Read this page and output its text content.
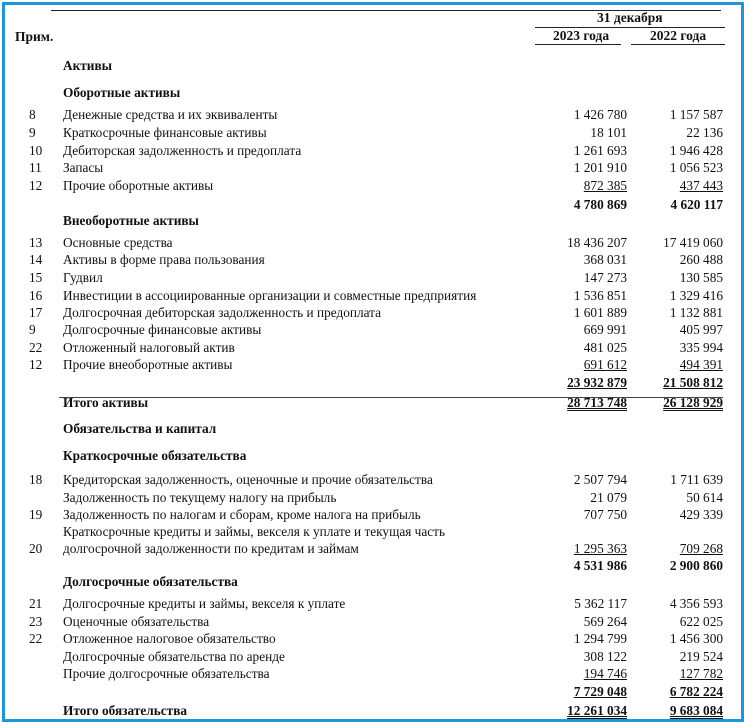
Прим.
31 декабря
2023 года	2022 года
Активы
Оборотные активы
8 Денежные средства и их эквиваленты	1 426 780	1 157 587
9 Краткосрочные финансовые активы	18 101	22 136
10 Дебиторская задолженность и предоплата	1 261 693	1 946 428
11 Запасы	1 201 910	1 056 523
12 Прочие оборотные активы	872 385	437 443
4 780 869	4 620 117
Внеоборотные активы
13 Основные средства	18 436 207	17 419 060
14 Активы в форме права пользования	368 031	260 488
15 Гудвил	147 273	130 585
16 Инвестиции в ассоциированные организации и совместные предприятия	1 536 851	1 329 416
17 Долгосрочная дебиторская задолженность и предоплата	1 601 889	1 132 881
9 Долгосрочные финансовые активы	669 991	405 997
22 Отложенный налоговый актив	481 025	335 994
12 Прочие внеоборотные активы	691 612	494 391
23 932 879	21 508 812
Итого активы	28 713 748	26 128 929
Обязательства и капитал
Краткосрочные обязательства
18 Кредиторская задолженность, оценочные и прочие обязательства	2 507 794	1 711 639
Задолженность по текущему налогу на прибыль	21 079	50 614
19 Задолженность по налогам и сборам, кроме налога на прибыль	707 750	429 339
Краткосрочные кредиты и займы, векселя к уплате и текущая часть
20 долгосрочной задолженности по кредитам и займам	1 295 363	709 268
4 531 986	2 900 860
Долгосрочные обязательства
21 Долгосрочные кредиты и займы, векселя к уплате	5 362 117	4 356 593
23 Оценочные обязательства	569 264	622 025
22 Отложенное налоговое обязательство	1 294 799	1 456 300
Долгосрочные обязательства по аренде	308 122	219 524
Прочие долгосрочные обязательства	194 746	127 782
7 729 048	6 782 224
Итого обязательства	12 261 034	9 683 084
